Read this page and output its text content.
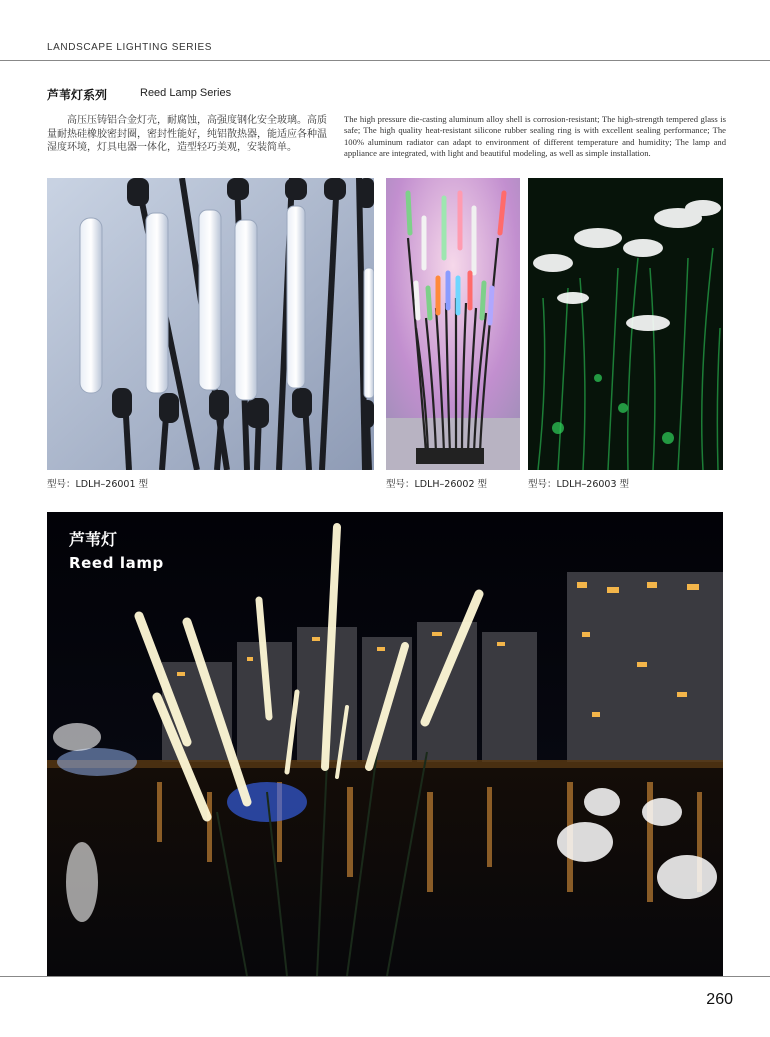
LANDSCAPE LIGHTING SERIES
芦苇灯系列	Reed Lamp Series
高压压铸铝合金灯壳，耐腐蚀，高强度钢化安全玻璃。高质量耐热硅橡胶密封圈，密封性能好，纯铝散热器，能适应各种温湿度环境，灯具电器一体化，造型轻巧美观，安装简单。
The high pressure die-casting aluminum alloy shell is corrosion-resistant; The high-strength tempered glass is safe; The high quality heat-resistant silicone rubber sealing ring is with excellent sealing performance; The 100% aluminum radiator can adapt to environment of different temperature and humidity; The lamp and appliance are integrated, with light and beautiful modeling, as well as simple installation.
型号：LDLH–26001 型	型号：LDLH–26002 型	型号：LDLH–26003 型
芦苇灯
Reed lamp
260
